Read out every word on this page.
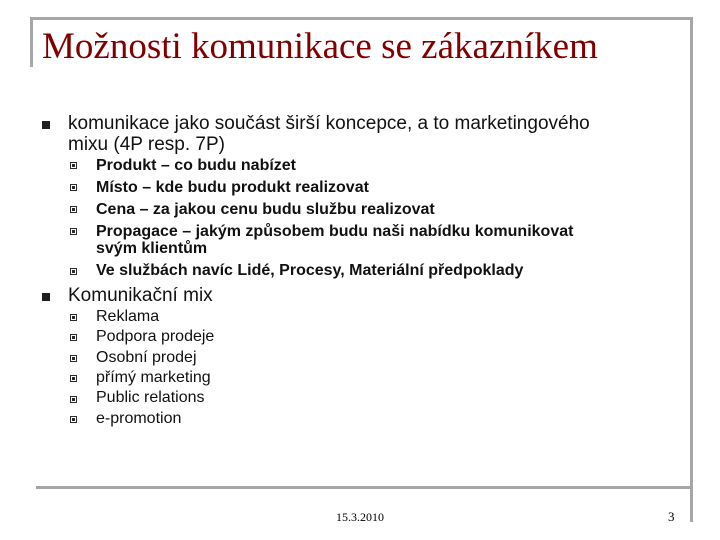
Možnosti komunikace se zákazníkem
komunikace jako součást širší koncepce, a to marketingového
mixu (4P resp. 7P)
Produkt – co budu nabízet
Místo – kde budu produkt realizovat
Cena – za jakou cenu budu službu realizovat
Propagace – jakým způsobem budu naši nabídku komunikovat
svým klientům
Ve službách navíc Lidé, Procesy, Materiální předpoklady
Komunikační mix
Reklama
Podpora prodeje
Osobní prodej
přímý marketing
Public relations
e-promotion
15.3.2010	3
